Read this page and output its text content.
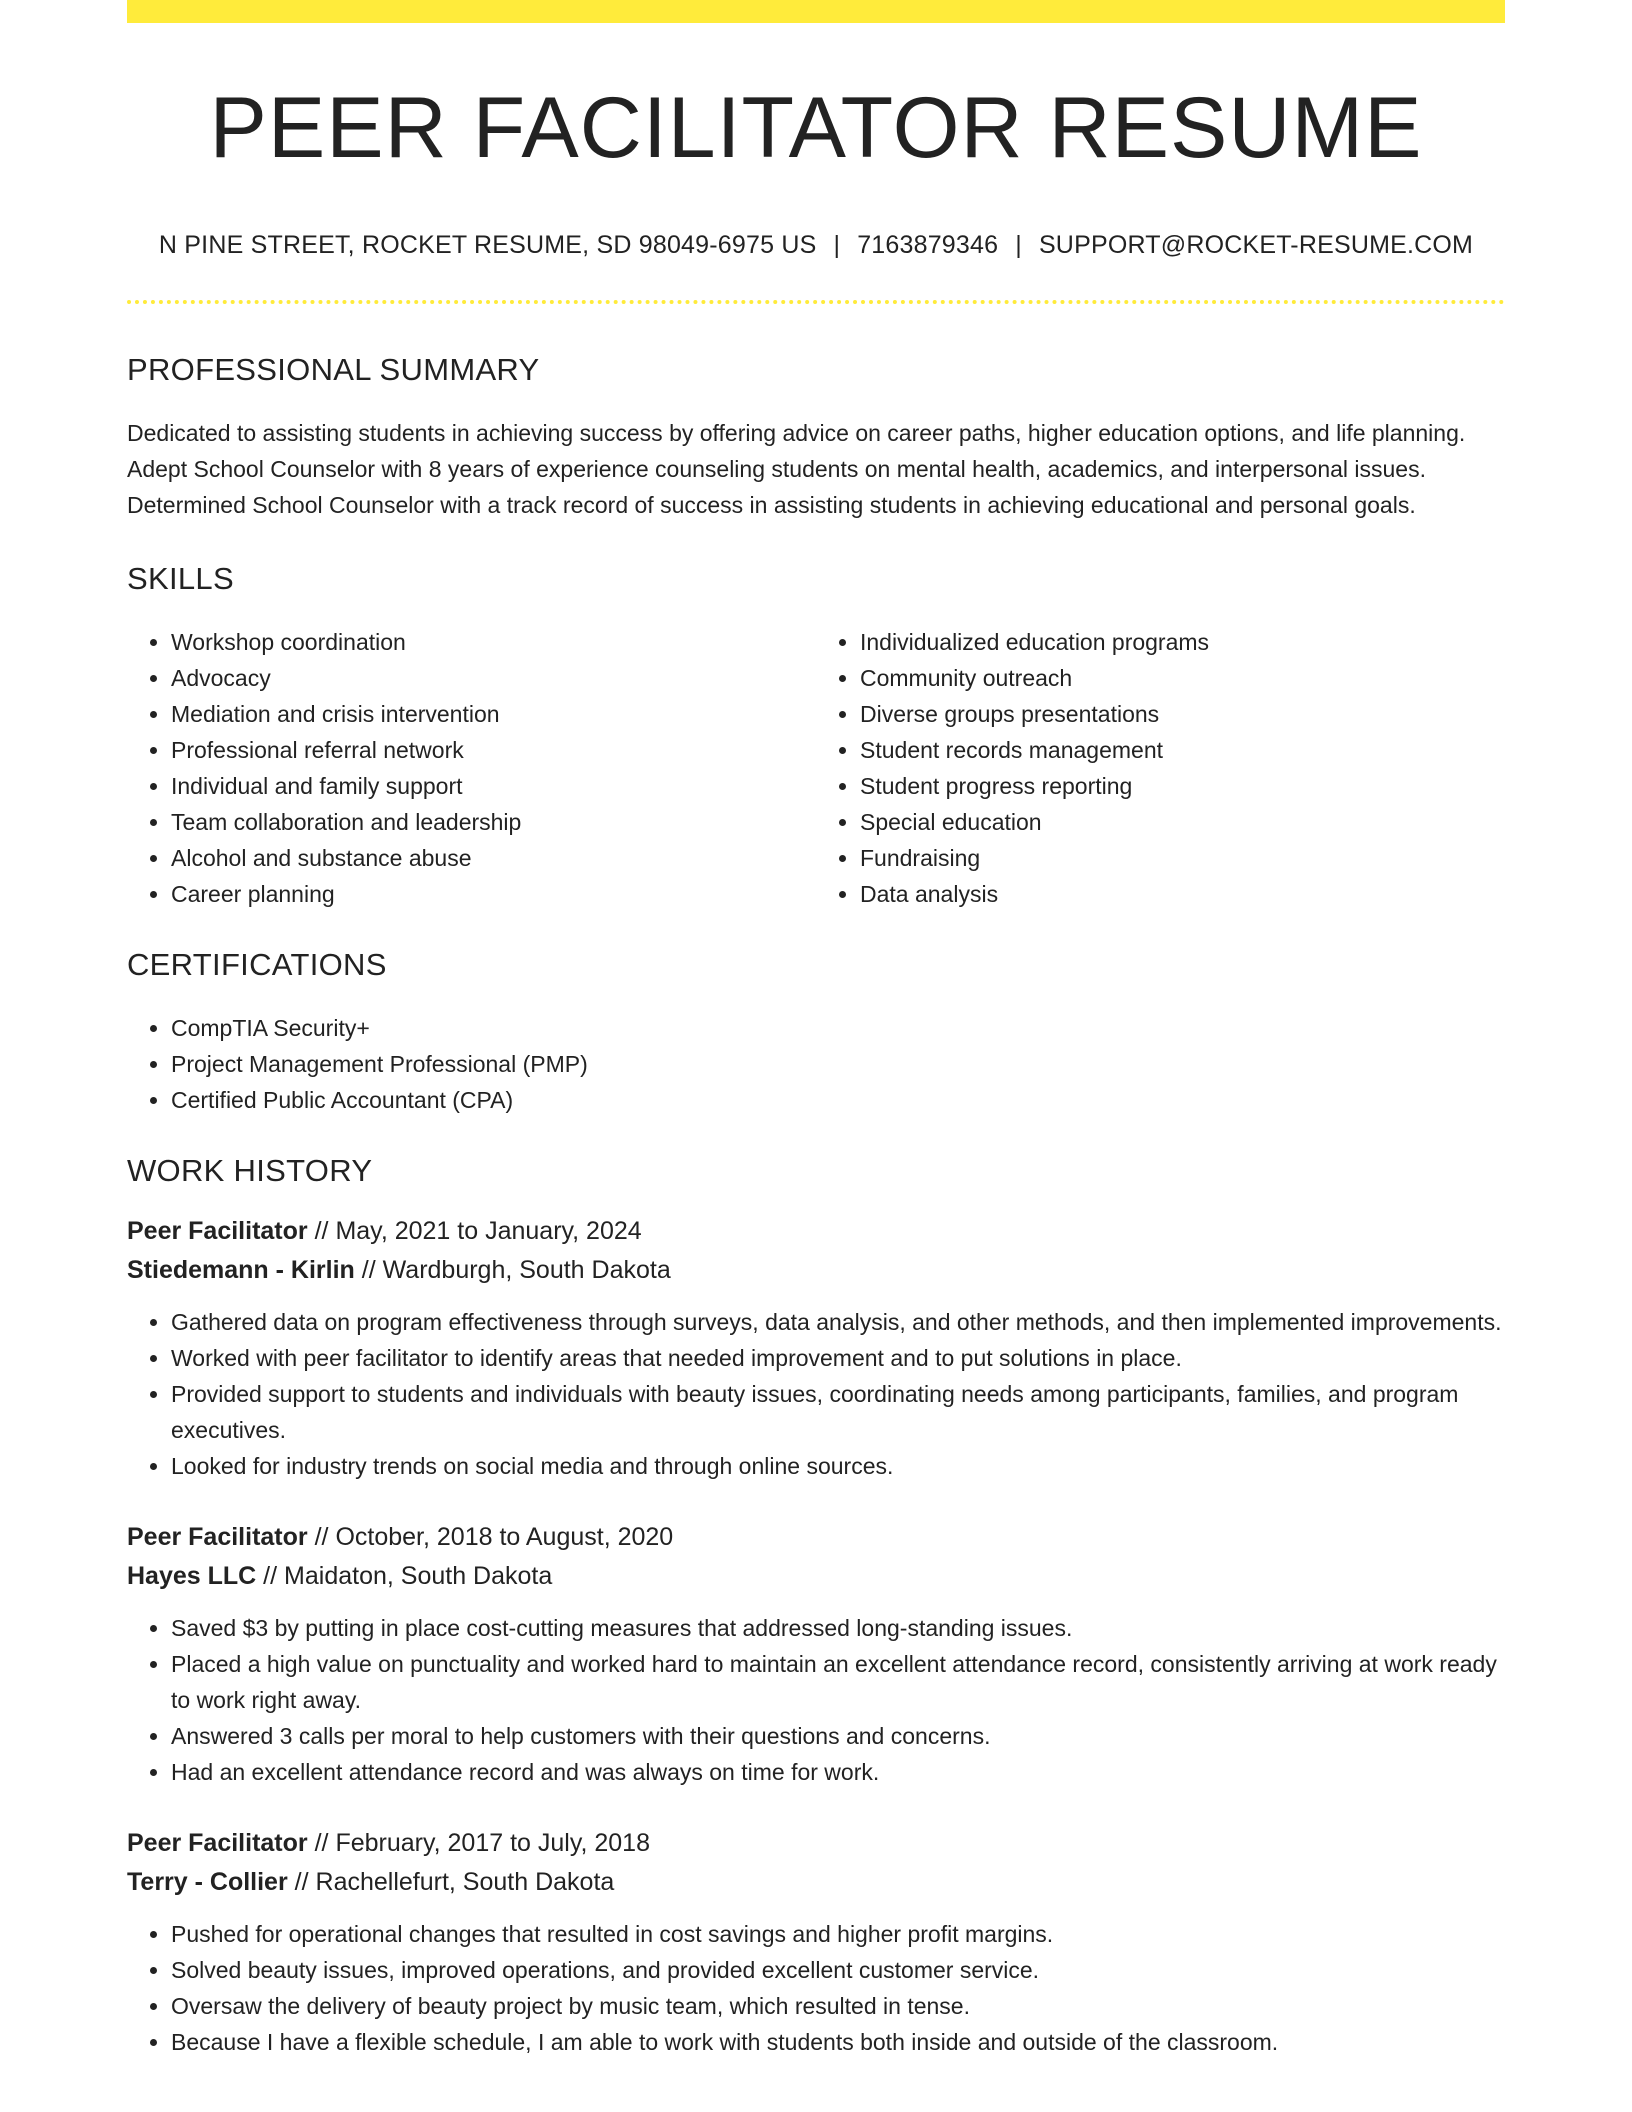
PEER FACILITATOR RESUME
N PINE STREET, ROCKET RESUME, SD 98049-6975 US | 7163879346 | SUPPORT@ROCKET-RESUME.COM
PROFESSIONAL SUMMARY

Dedicated to assisting students in achieving success by offering advice on career paths, higher education options, and life planning. Adept School Counselor with 8 years of experience counseling students on mental health, academics, and interpersonal issues. Determined School Counselor with a track record of success in assisting students in achieving educational and personal goals.

SKILLS
• Workshop coordination
• Advocacy
• Mediation and crisis intervention
• Professional referral network
• Individual and family support
• Team collaboration and leadership
• Alcohol and substance abuse
• Career planning
• Individualized education programs
• Community outreach
• Diverse groups presentations
• Student records management
• Student progress reporting
• Special education
• Fundraising
• Data analysis
CERTIFICATIONS
• CompTIA Security+
• Project Management Professional (PMP)
• Certified Public Accountant (CPA)
WORK HISTORY
Peer Facilitator // May, 2021 to January, 2024
Stiedemann - Kirlin // Wardburgh, South Dakota
• Gathered data on program effectiveness through surveys, data analysis, and other methods, and then implemented improvements.
• Worked with peer facilitator to identify areas that needed improvement and to put solutions in place.
• Provided support to students and individuals with beauty issues, coordinating needs among participants, families, and program executives.
• Looked for industry trends on social media and through online sources.
Peer Facilitator // October, 2018 to August, 2020
Hayes LLC // Maidaton, South Dakota
• Saved $3 by putting in place cost-cutting measures that addressed long-standing issues.
• Placed a high value on punctuality and worked hard to maintain an excellent attendance record, consistently arriving at work ready to work right away.
• Answered 3 calls per moral to help customers with their questions and concerns.
• Had an excellent attendance record and was always on time for work.
Peer Facilitator // February, 2017 to July, 2018
Terry - Collier // Rachellefurt, South Dakota
• Pushed for operational changes that resulted in cost savings and higher profit margins.
• Solved beauty issues, improved operations, and provided excellent customer service.
• Oversaw the delivery of beauty project by music team, which resulted in tense.
• Because I have a flexible schedule, I am able to work with students both inside and outside of the classroom.
